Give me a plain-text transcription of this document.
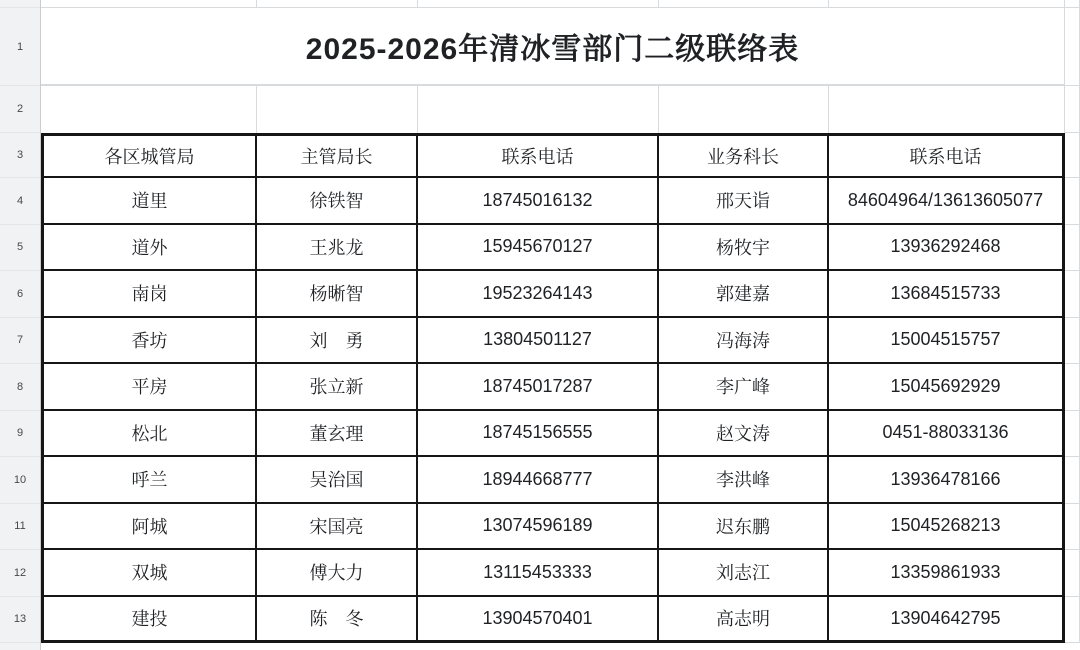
1
2
3
4
5
6
7
8
9
10
11
12
13
2025-2026年清冰雪部门二级联络表
各区城管局	主管局长	联系电话	业务科长	联系电话
道里	徐铁智	18745016132	邢天诣	84604964/13613605077
道外	王兆龙	15945670127	杨牧宇	13936292468
南岗	杨晰智	19523264143	郭建嘉	13684515733
香坊	刘　勇	13804501127	冯海涛	15004515757
平房	张立新	18745017287	李广峰	15045692929
松北	董玄理	18745156555	赵文涛	0451-88033136
呼兰	吴治国	18944668777	李洪峰	13936478166
阿城	宋国亮	13074596189	迟东鹏	15045268213
双城	傅大力	13115453333	刘志江	13359861933
建投	陈　冬	13904570401	高志明	13904642795
